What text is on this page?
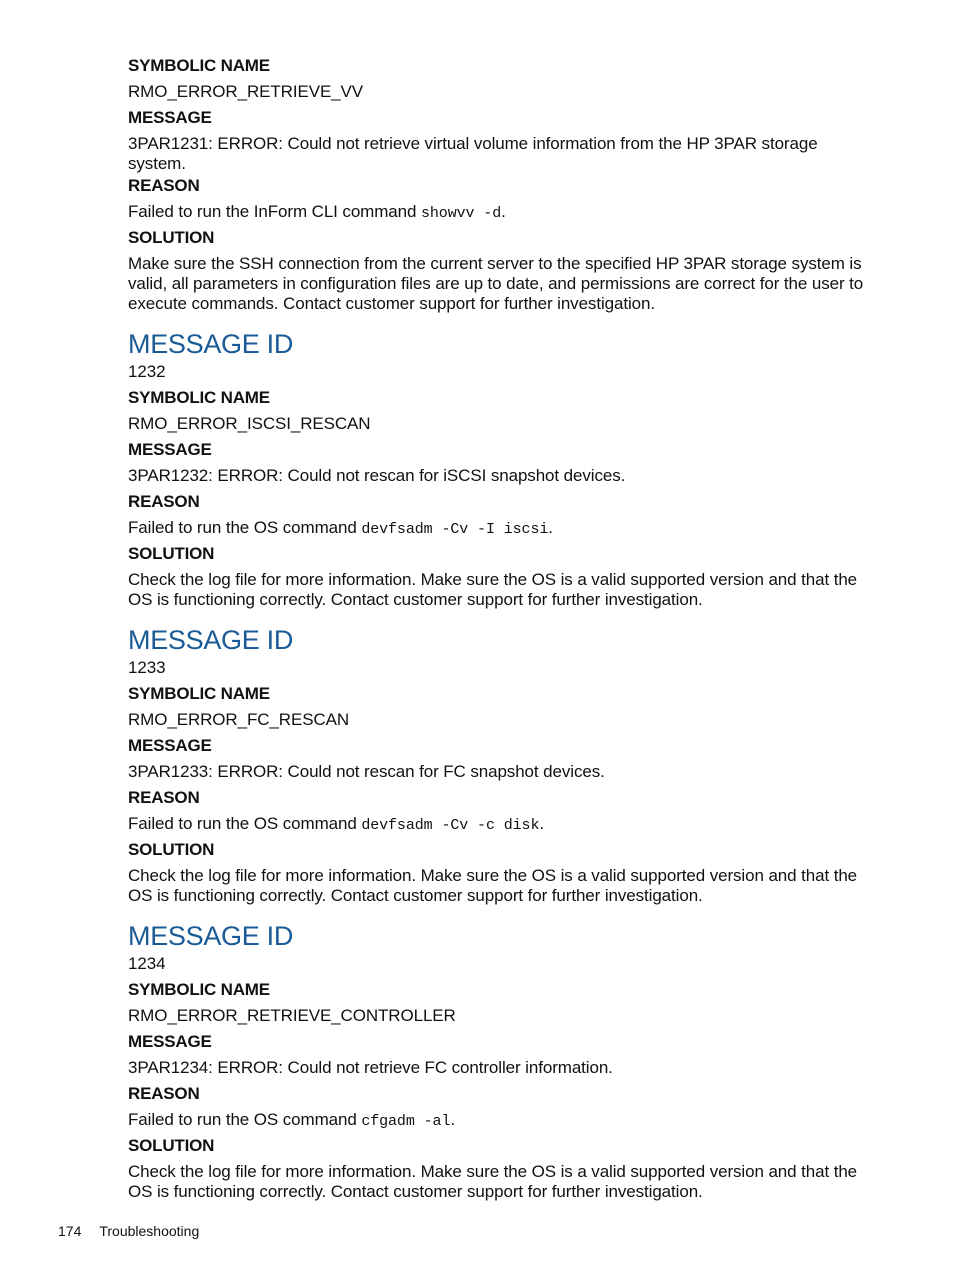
SYMBOLIC NAME
RMO_ERROR_RETRIEVE_VV
MESSAGE
3PAR1231: ERROR: Could not retrieve virtual volume information from the HP 3PAR storage system.
REASON
Failed to run the InForm CLI command showvv -d.
SOLUTION
Make sure the SSH connection from the current server to the specified HP 3PAR storage system is valid, all parameters in configuration files are up to date, and permissions are correct for the user to execute commands. Contact customer support for further investigation.
MESSAGE ID
1232
SYMBOLIC NAME
RMO_ERROR_ISCSI_RESCAN
MESSAGE
3PAR1232: ERROR: Could not rescan for iSCSI snapshot devices.
REASON
Failed to run the OS command devfsadm -Cv -I iscsi.
SOLUTION
Check the log file for more information. Make sure the OS is a valid supported version and that the OS is functioning correctly. Contact customer support for further investigation.
MESSAGE ID
1233
SYMBOLIC NAME
RMO_ERROR_FC_RESCAN
MESSAGE
3PAR1233: ERROR: Could not rescan for FC snapshot devices.
REASON
Failed to run the OS command devfsadm -Cv -c disk.
SOLUTION
Check the log file for more information. Make sure the OS is a valid supported version and that the OS is functioning correctly. Contact customer support for further investigation.
MESSAGE ID
1234
SYMBOLIC NAME
RMO_ERROR_RETRIEVE_CONTROLLER
MESSAGE
3PAR1234: ERROR: Could not retrieve FC controller information.
REASON
Failed to run the OS command cfgadm -al.
SOLUTION
Check the log file for more information. Make sure the OS is a valid supported version and that the OS is functioning correctly. Contact customer support for further investigation.
174 Troubleshooting
